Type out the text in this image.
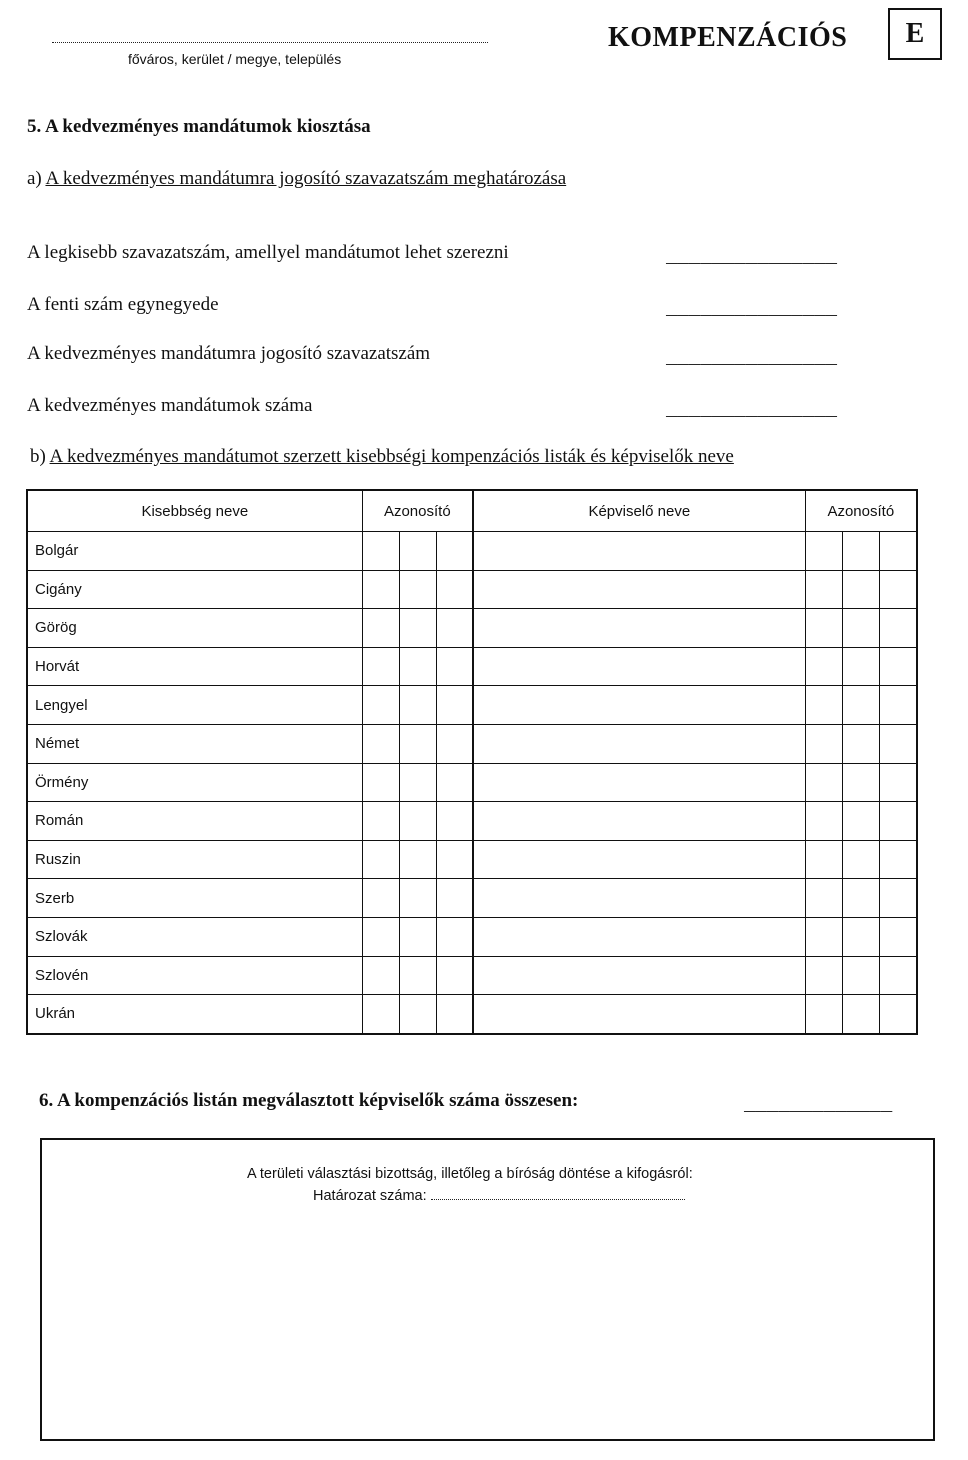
főváros, kerület / megye, település
KOMPENZÁCIÓS	E
5. A kedvezményes mandátumok kiosztása
a) A kedvezményes mandátumra jogosító szavazatszám meghatározása
A legkisebb szavazatszám, amellyel mandátumot lehet szerezni	_______________
A fenti szám egynegyede	_______________
A kedvezményes mandátumra jogosító szavazatszám	_______________
A kedvezményes mandátumok száma	_______________
b) A kedvezményes mandátumot szerzett kisebbségi kompenzációs listák és képviselők neve
Kisebbség neve	Azonosító			Képviselő neve	Azonosító		
Bolgár							
Cigány							
Görög							
Horvát							
Lengyel							
Német							
Örmény							
Román							
Ruszin							
Szerb							
Szlovák							
Szlovén							
Ukrán							
6. A kompenzációs listán megválasztott képviselők száma összesen:	_____________
A területi választási bizottság, illetőleg a bíróság döntése a kifogásról:
Határozat száma:
